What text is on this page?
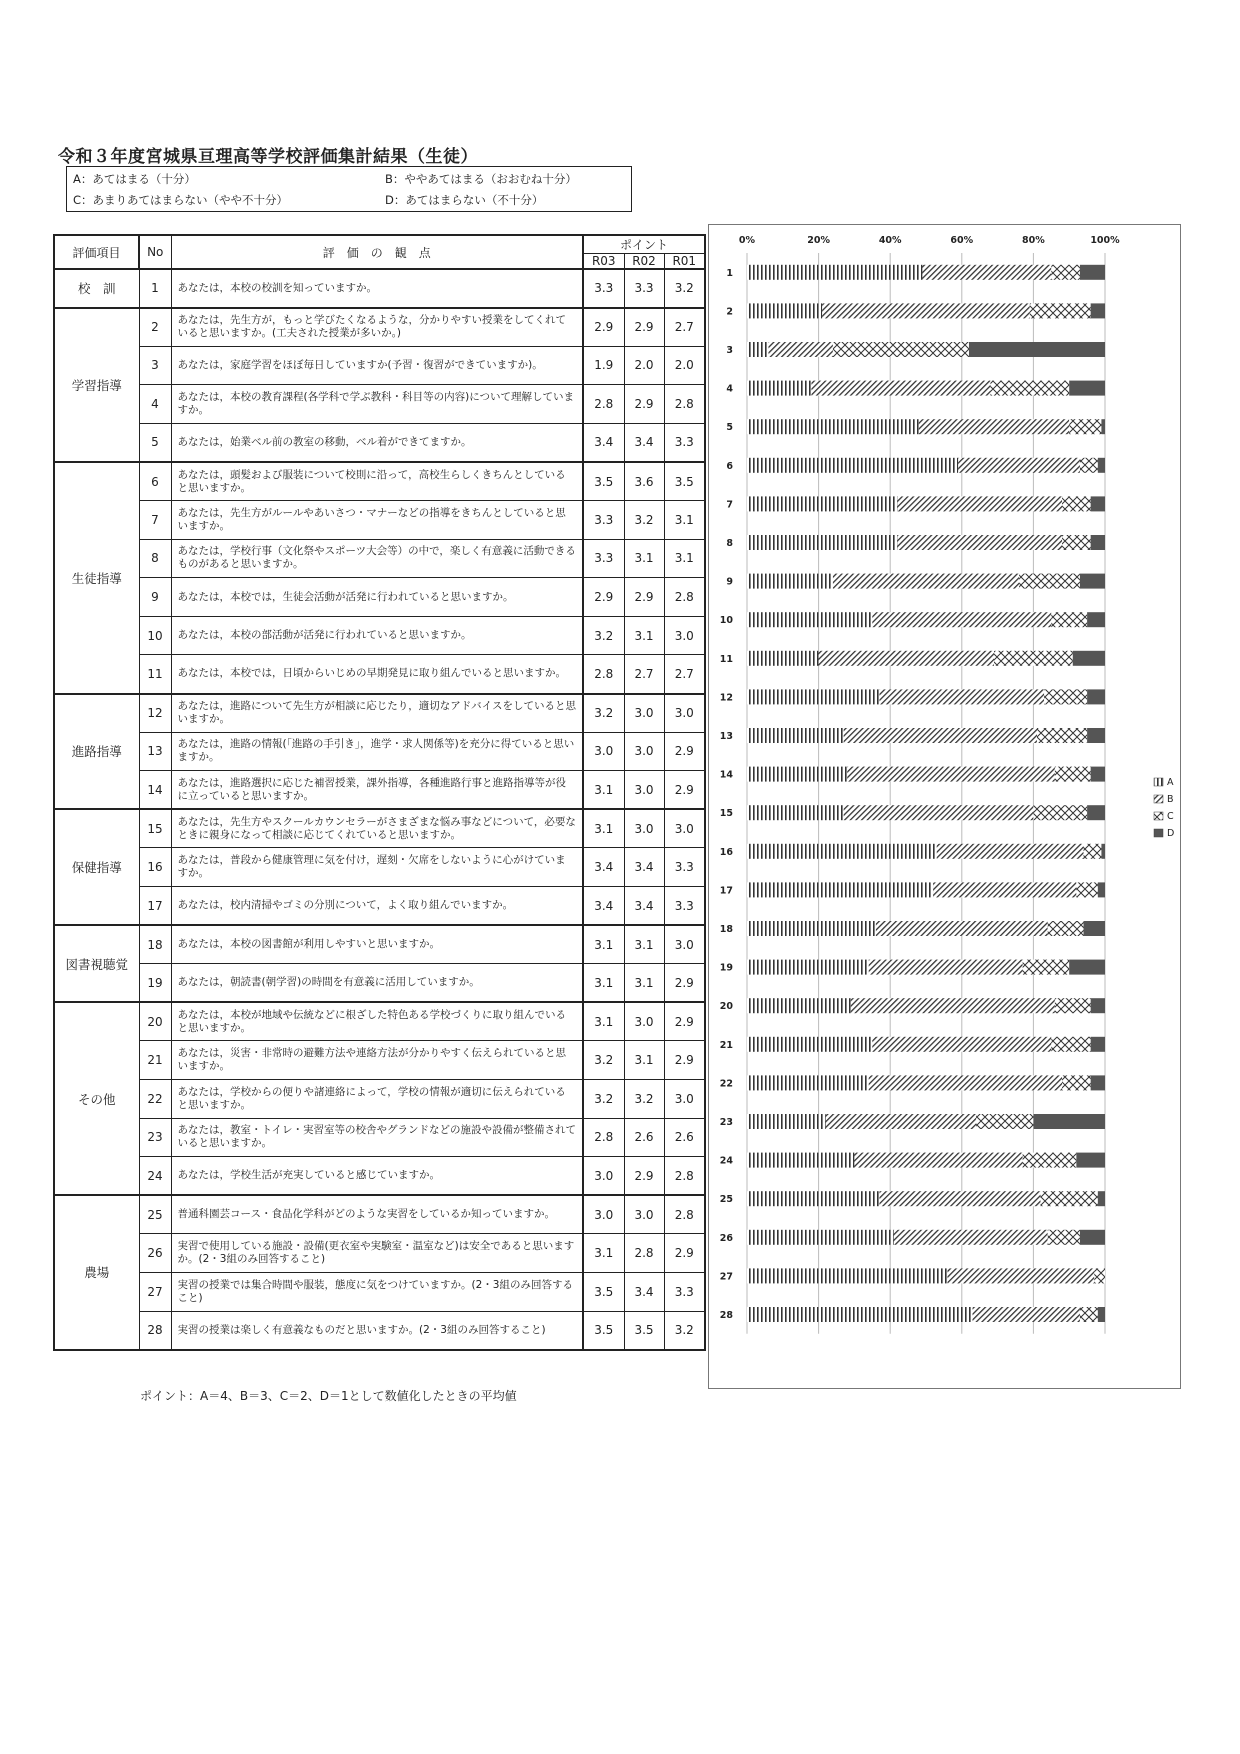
令和３年度宮城県亘理高等学校評価集計結果（生徒）
A：あてはまる（十分）	B：ややあてはまる（おおむね十分）
C：あまりあてはまらない（やや不十分）	D：あてはまらない（不十分）
評価項目	No	評　価　の　観　点	ポイント		
			R03	R02	R01
校　訓	1	あなたは，本校の校訓を知っていますか。	3.3	3.3	3.2
学習指導	2	あなたは，先生方が，もっと学びたくなるような，分かりやすい授業をしてくれていると思いますか。(工夫された授業が多いか。)	2.9	2.9	2.7
	3	あなたは，家庭学習をほぼ毎日していますか(予習・復習ができていますか)。	1.9	2.0	2.0
	4	あなたは，本校の教育課程(各学科で学ぶ教科・科目等の内容)について理解していますか。	2.8	2.9	2.8
	5	あなたは，始業ベル前の教室の移動，ベル着ができてますか。	3.4	3.4	3.3
生徒指導	6	あなたは，頭髪および服装について校則に沿って，高校生らしくきちんとしていると思いますか。	3.5	3.6	3.5
	7	あなたは，先生方がルールやあいさつ・マナーなどの指導をきちんとしていると思いますか。	3.3	3.2	3.1
	8	あなたは，学校行事（文化祭やスポーツ大会等）の中で，楽しく有意義に活動できるものがあると思いますか。	3.3	3.1	3.1
	9	あなたは，本校では，生徒会活動が活発に行われていると思いますか。	2.9	2.9	2.8
	10	あなたは，本校の部活動が活発に行われていると思いますか。	3.2	3.1	3.0
	11	あなたは，本校では，日頃からいじめの早期発見に取り組んでいると思いますか。	2.8	2.7	2.7
進路指導	12	あなたは，進路について先生方が相談に応じたり，適切なアドバイスをしていると思いますか。	3.2	3.0	3.0
	13	あなたは，進路の情報(「進路の手引き」，進学・求人関係等)を充分に得ていると思いますか。	3.0	3.0	2.9
	14	あなたは，進路選択に応じた補習授業，課外指導，各種進路行事と進路指導等が役に立っていると思いますか。	3.1	3.0	2.9
保健指導	15	あなたは，先生方やスクールカウンセラーがさまざまな悩み事などについて，必要なときに親身になって相談に応じてくれていると思いますか。	3.1	3.0	3.0
	16	あなたは，普段から健康管理に気を付け，遅刻・欠席をしないように心がけていますか。	3.4	3.4	3.3
	17	あなたは，校内清掃やゴミの分別について，よく取り組んでいますか。	3.4	3.4	3.3
図書視聴覚	18	あなたは，本校の図書館が利用しやすいと思いますか。	3.1	3.1	3.0
	19	あなたは，朝読書(朝学習)の時間を有意義に活用していますか。	3.1	3.1	2.9
その他	20	あなたは，本校が地域や伝統などに根ざした特色ある学校づくりに取り組んでいると思いますか。	3.1	3.0	2.9
	21	あなたは，災害・非常時の避難方法や連絡方法が分かりやすく伝えられていると思いますか。	3.2	3.1	2.9
	22	あなたは，学校からの便りや諸連絡によって，学校の情報が適切に伝えられていると思いますか。	3.2	3.2	3.0
	23	あなたは，教室・トイレ・実習室等の校舎やグランドなどの施設や設備が整備されていると思いますか。	2.8	2.6	2.6
	24	あなたは，学校生活が充実していると感じていますか。	3.0	2.9	2.8
農場	25	普通科園芸コース・食品化学科がどのような実習をしているか知っていますか。	3.0	3.0	2.8
	26	実習で使用している施設・設備(更衣室や実験室・温室など)は安全であると思いますか。(2・3組のみ回答すること)	3.1	2.8	2.9
	27	実習の授業では集合時間や服装，態度に気をつけていますか。(2・3組のみ回答すること)	3.5	3.4	3.3
	28	実習の授業は楽しく有意義なものだと思いますか。(2・3組のみ回答すること)	3.5	3.5	3.2
ポイント：A＝4、B＝3、C＝2、D＝1として数値化したときの平均値
0%	20%	40%	60%	80%	100%
1
2
3
4
5
6
7
8
9
10
11
12
13
14
15
16
17
18
19
20
21
22
23
24
25
26
27
28
A
B
C
D
